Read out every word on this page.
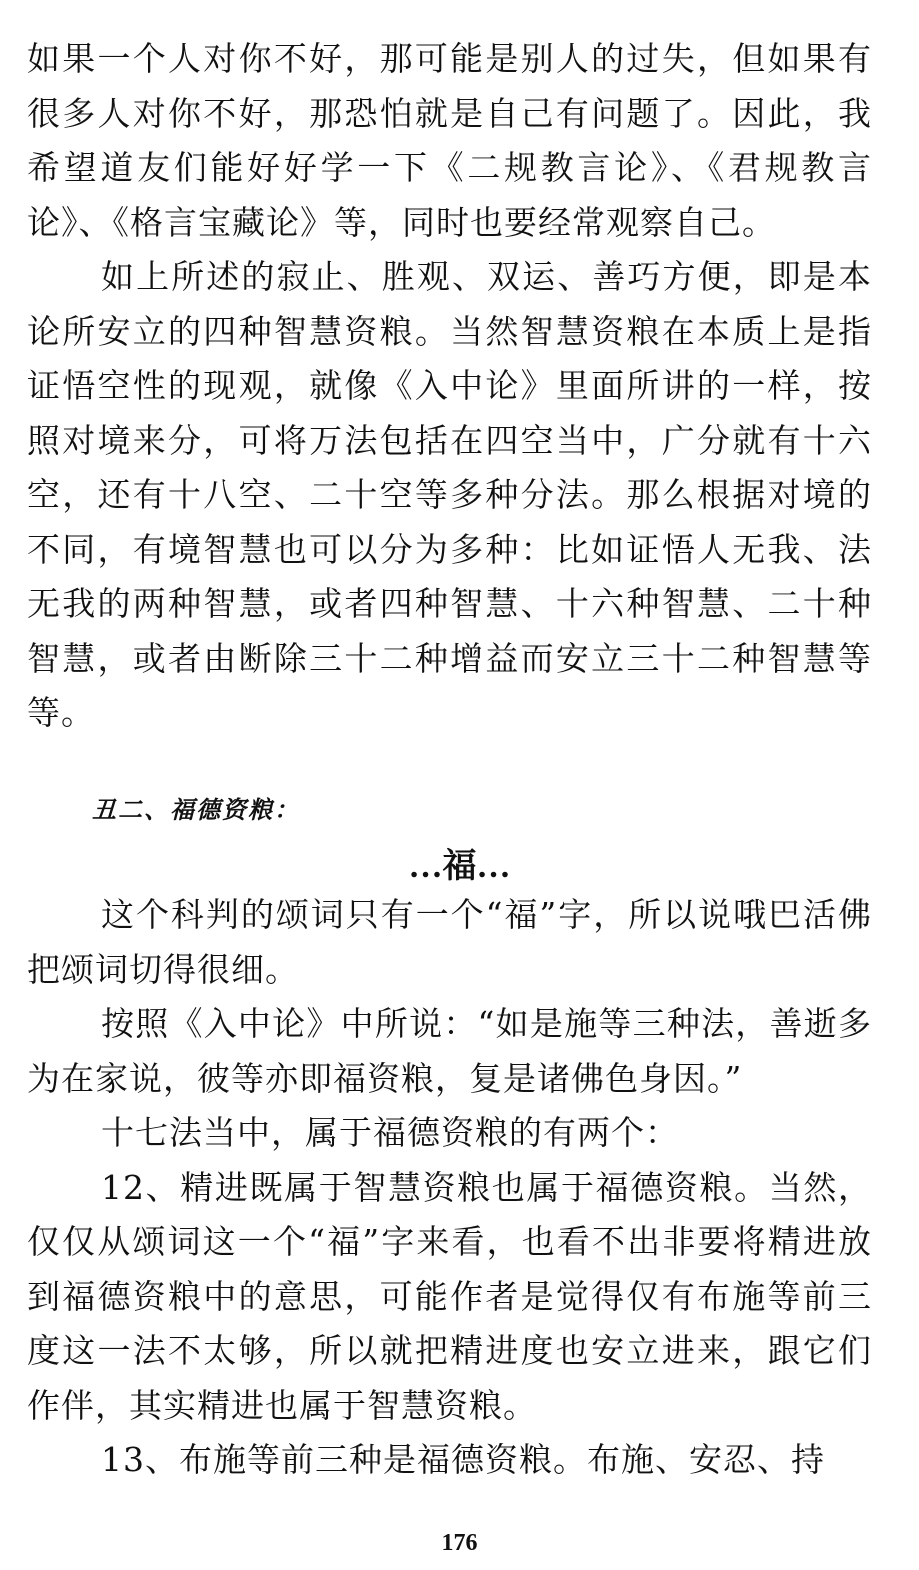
如果一个人对你不好，那可能是别人的过失，但如果有很多人对你不好，那恐怕就是自己有问题了。因此，我希望道友们能好好学一下《二规教言论》、《君规教言论》、《格言宝藏论》等，同时也要经常观察自己。

如上所述的寂止、胜观、双运、善巧方便，即是本论所安立的四种智慧资粮。当然智慧资粮在本质上是指证悟空性的现观，就像《入中论》里面所讲的一样，按照对境来分，可将万法包括在四空当中，广分就有十六空，还有十八空、二十空等多种分法。那么根据对境的不同，有境智慧也可以分为多种：比如证悟人无我、法无我的两种智慧，或者四种智慧、十六种智慧、二十种智慧，或者由断除三十二种增益而安立三十二种智慧等等。

丑二、福德资粮：
…福…

这个科判的颂词只有一个“福”字，所以说哦巴活佛把颂词切得很细。

按照《入中论》中所说：“如是施等三种法，善逝多为在家说，彼等亦即福资粮，复是诸佛色身因。”

十七法当中，属于福德资粮的有两个：

12、精进既属于智慧资粮也属于福德资粮。当然，仅仅从颂词这一个“福”字来看，也看不出非要将精进放到福德资粮中的意思，可能作者是觉得仅有布施等前三度这一法不太够，所以就把精进度也安立进来，跟它们作伴，其实精进也属于智慧资粮。

13、布施等前三种是福德资粮。布施、安忍、持

176
